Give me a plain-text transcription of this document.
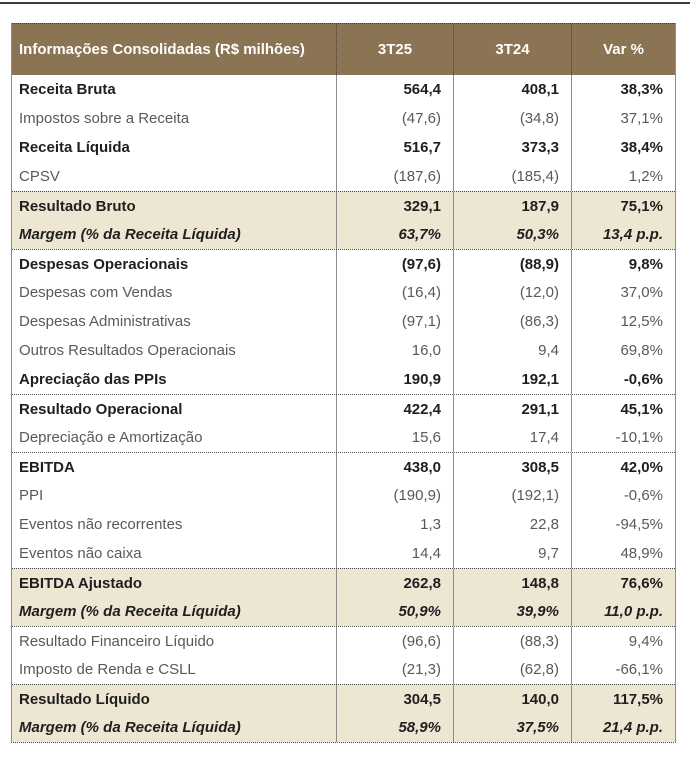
Informações Consolidadas (R$ milhões)	3T25	3T24	Var %
Receita Bruta	564,4	408,1	38,3%
Impostos sobre a Receita	(47,6)	(34,8)	37,1%
Receita Líquida	516,7	373,3	38,4%
CPSV	(187,6)	(185,4)	1,2%
Resultado Bruto	329,1	187,9	75,1%
Margem (% da Receita Líquida)	63,7%	50,3%	13,4 p.p.
Despesas Operacionais	(97,6)	(88,9)	9,8%
Despesas com Vendas	(16,4)	(12,0)	37,0%
Despesas Administrativas	(97,1)	(86,3)	12,5%
Outros Resultados Operacionais	16,0	9,4	69,8%
Apreciação das PPIs	190,9	192,1	-0,6%
Resultado Operacional	422,4	291,1	45,1%
Depreciação e Amortização	15,6	17,4	-10,1%
EBITDA	438,0	308,5	42,0%
PPI	(190,9)	(192,1)	-0,6%
Eventos não recorrentes	1,3	22,8	-94,5%
Eventos não caixa	14,4	9,7	48,9%
EBITDA Ajustado	262,8	148,8	76,6%
Margem (% da Receita Líquida)	50,9%	39,9%	11,0 p.p.
Resultado Financeiro Líquido	(96,6)	(88,3)	9,4%
Imposto de Renda e CSLL	(21,3)	(62,8)	-66,1%
Resultado Líquido	304,5	140,0	117,5%
Margem (% da Receita Líquida)	58,9%	37,5%	21,4 p.p.
